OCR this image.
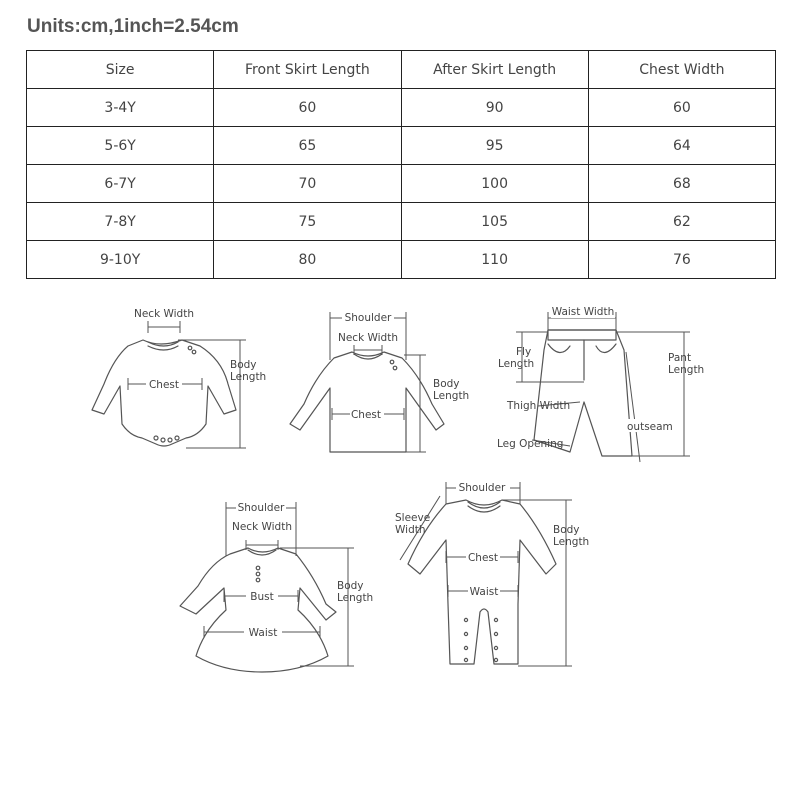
Units:cm,1inch=2.54cm
Size	Front Skirt Length	After Skirt Length	Chest Width
3-4Y	60	90	60
5-6Y	65	95	64
6-7Y	70	100	68
7-8Y	75	105	62
9-10Y	80	110	76
Neck Width
Chest
Body
Length
Shoulder
Neck Width
Chest
Body
Length
Waist Width
Fly
Length	Pant
Length
Thigh Width
outseam
Leg Opening
Shoulder
Neck Width
Bust
Waist
Body
Length
Shoulder
Sleeve
Width
Chest
Waist
Body
Length
